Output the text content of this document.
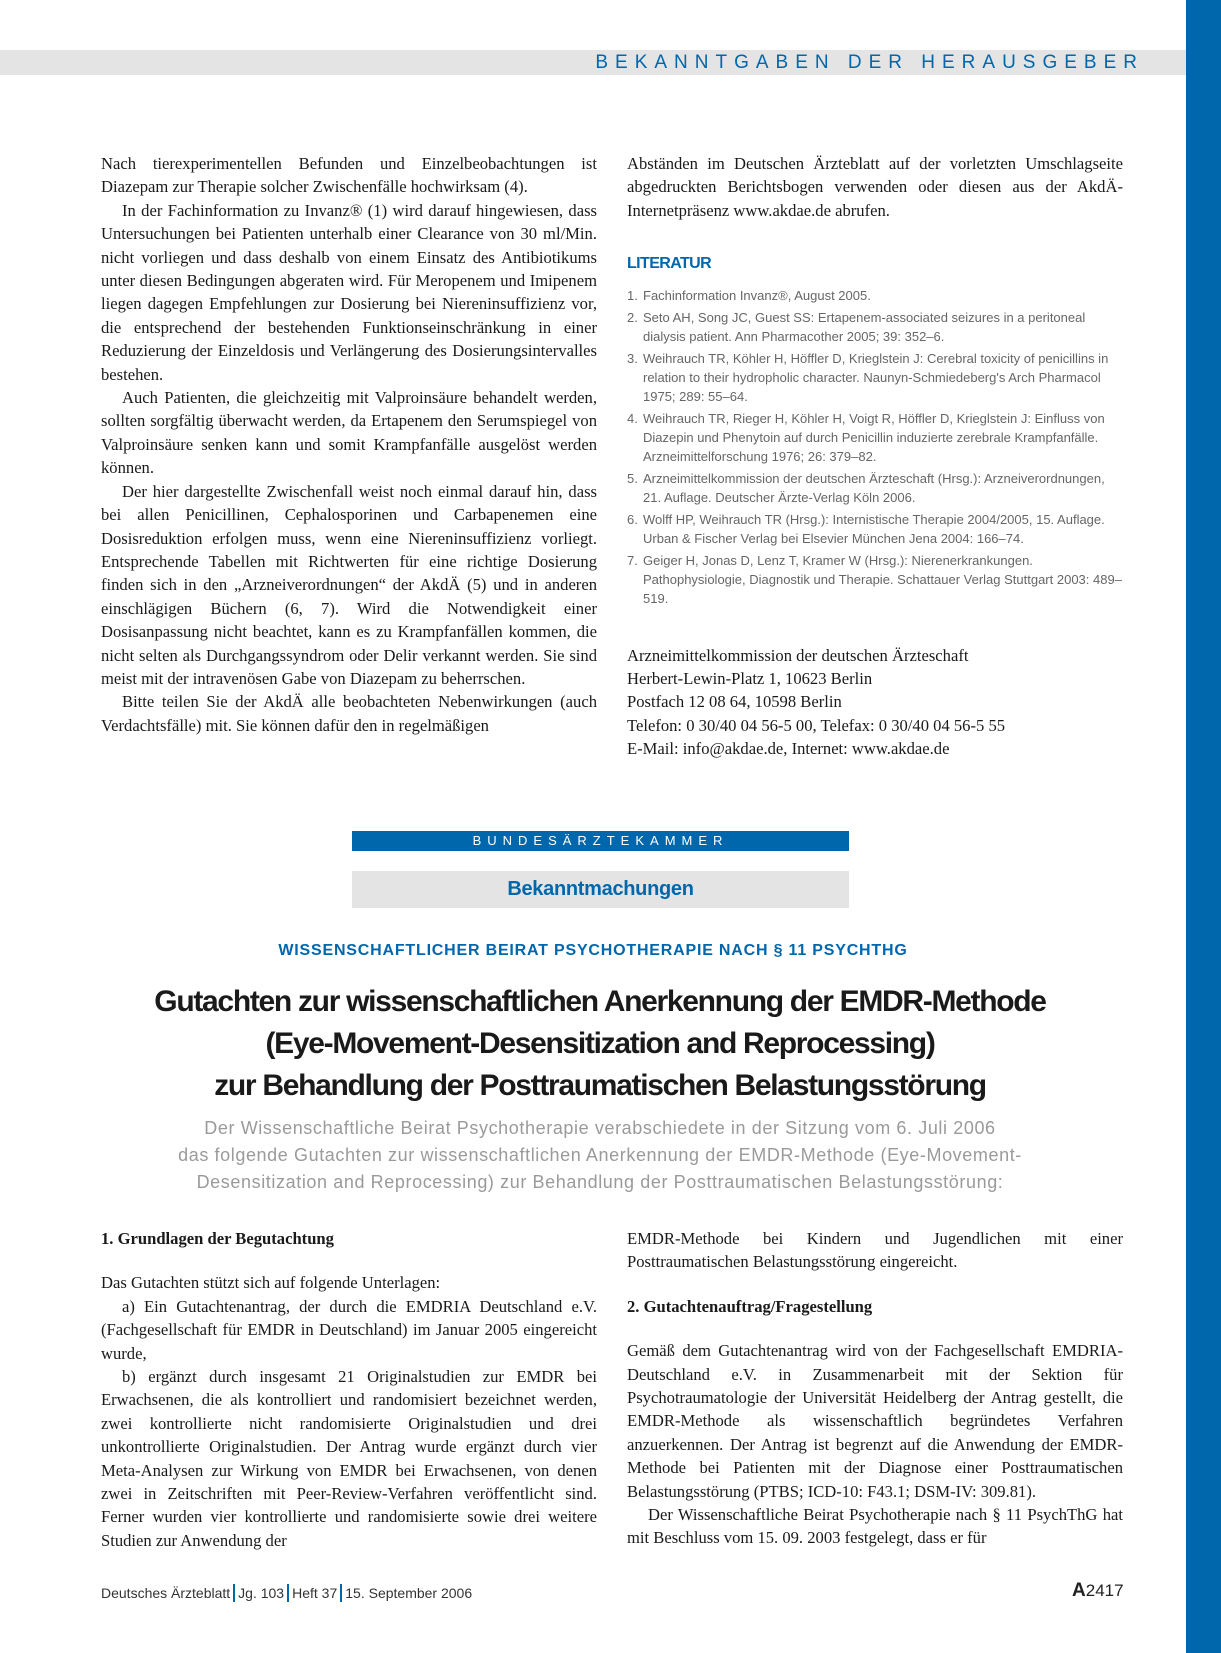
BEKANNTGABEN DER HERAUSGEBER

Nach tierexperimentellen Befunden und Einzelbeobachtungen ist Diazepam zur Therapie solcher Zwischenfälle hochwirksam (4).

In der Fachinformation zu Invanz® (1) wird darauf hingewiesen, dass Untersuchungen bei Patienten unterhalb einer Clearance von 30 ml/Min. nicht vorliegen und dass deshalb von einem Einsatz des Antibiotikums unter diesen Bedingungen abgeraten wird. Für Meropenem und Imipenem liegen dagegen Empfehlungen zur Dosierung bei Niereninsuffizienz vor, die entsprechend der bestehenden Funktionseinschränkung in einer Reduzierung der Einzeldosis und Verlängerung des Dosierungsintervalles bestehen.

Auch Patienten, die gleichzeitig mit Valproinsäure behandelt werden, sollten sorgfältig überwacht werden, da Ertapenem den Serumspiegel von Valproinsäure senken kann und somit Krampfanfälle ausgelöst werden können.

Der hier dargestellte Zwischenfall weist noch einmal darauf hin, dass bei allen Penicillinen, Cephalosporinen und Carbapenemen eine Dosisreduktion erfolgen muss, wenn eine Niereninsuffizienz vorliegt. Entsprechende Tabellen mit Richtwerten für eine richtige Dosierung finden sich in den „Arzneiverordnungen“ der AkdÄ (5) und in anderen einschlägigen Büchern (6, 7). Wird die Notwendigkeit einer Dosisanpassung nicht beachtet, kann es zu Krampfanfällen kommen, die nicht selten als Durchgangssyndrom oder Delir verkannt werden. Sie sind meist mit der intravenösen Gabe von Diazepam zu beherrschen.

Bitte teilen Sie der AkdÄ alle beobachteten Nebenwirkungen (auch Verdachtsfälle) mit. Sie können dafür den in regelmäßigen

Abständen im Deutschen Ärzteblatt auf der vorletzten Umschlagseite abgedruckten Berichtsbogen verwenden oder diesen aus der AkdÄ-Internetpräsenz www.akdae.de abrufen.

LITERATUR
1. Fachinformation Invanz®, August 2005.
2. Seto AH, Song JC, Guest SS: Ertapenem-associated seizures in a peritoneal dialysis patient. Ann Pharmacother 2005; 39: 352–6.
3. Weihrauch TR, Köhler H, Höffler D, Krieglstein J: Cerebral toxicity of penicillins in relation to their hydropholic character. Naunyn-Schmiedeberg's Arch Pharmacol 1975; 289: 55–64.
4. Weihrauch TR, Rieger H, Köhler H, Voigt R, Höffler D, Krieglstein J: Einfluss von Diazepin und Phenytoin auf durch Penicillin induzierte zerebrale Krampfanfälle. Arzneimittelforschung 1976; 26: 379–82.
5. Arzneimittelkommission der deutschen Ärzteschaft (Hrsg.): Arzneiverordnungen, 21. Auflage. Deutscher Ärzte-Verlag Köln 2006.
6. Wolff HP, Weihrauch TR (Hrsg.): Internistische Therapie 2004/2005, 15. Auflage. Urban & Fischer Verlag bei Elsevier München Jena 2004: 166–74.
7. Geiger H, Jonas D, Lenz T, Kramer W (Hrsg.): Nierenerkrankungen. Pathophysiologie, Diagnostik und Therapie. Schattauer Verlag Stuttgart 2003: 489–519.
Arzneimittelkommission der deutschen Ärzteschaft
Herbert-Lewin-Platz 1, 10623 Berlin
Postfach 12 08 64, 10598 Berlin
Telefon: 0 30/40 04 56-5 00, Telefax: 0 30/40 04 56-5 55
E-Mail: info@akdae.de, Internet: www.akdae.de
BUNDESÄRZTEKAMMER
Bekanntmachungen
WISSENSCHAFTLICHER BEIRAT PSYCHOTHERAPIE NACH § 11 PSYCHTHG
Gutachten zur wissenschaftlichen Anerkennung der EMDR-Methode
(Eye-Movement-Desensitization and Reprocessing)
zur Behandlung der Posttraumatischen Belastungsstörung
Der Wissenschaftliche Beirat Psychotherapie verabschiedete in der Sitzung vom 6. Juli 2006
das folgende Gutachten zur wissenschaftlichen Anerkennung der EMDR-Methode (Eye-Movement-
Desensitization and Reprocessing) zur Behandlung der Posttraumatischen Belastungsstörung:

1. Grundlagen der Begutachtung

Das Gutachten stützt sich auf folgende Unterlagen:

a) Ein Gutachtenantrag, der durch die EMDRIA Deutschland e.V. (Fachgesellschaft für EMDR in Deutschland) im Januar 2005 eingereicht wurde,

b) ergänzt durch insgesamt 21 Originalstudien zur EMDR bei Erwachsenen, die als kontrolliert und randomisiert bezeichnet werden, zwei kontrollierte nicht randomisierte Originalstudien und drei unkontrollierte Originalstudien. Der Antrag wurde ergänzt durch vier Meta-Analysen zur Wirkung von EMDR bei Erwachsenen, von denen zwei in Zeitschriften mit Peer-Review-Verfahren veröffentlicht sind. Ferner wurden vier kontrollierte und randomisierte sowie drei weitere Studien zur Anwendung der

EMDR-Methode bei Kindern und Jugendlichen mit einer Posttraumatischen Belastungsstörung eingereicht.

2. Gutachtenauftrag/Fragestellung

Gemäß dem Gutachtenantrag wird von der Fachgesellschaft EMDRIA-Deutschland e.V. in Zusammenarbeit mit der Sektion für Psychotraumatologie der Universität Heidelberg der Antrag gestellt, die EMDR-Methode als wissenschaftlich begründetes Verfahren anzuerkennen. Der Antrag ist begrenzt auf die Anwendung der EMDR-Methode bei Patienten mit der Diagnose einer Posttraumatischen Belastungsstörung (PTBS; ICD-10: F43.1; DSM-IV: 309.81).

Der Wissenschaftliche Beirat Psychotherapie nach § 11 PsychThG hat mit Beschluss vom 15. 09. 2003 festgelegt, dass er für

Deutsches Ärzteblatt Jg. 103 Heft 37 15. September 2006	A2417
